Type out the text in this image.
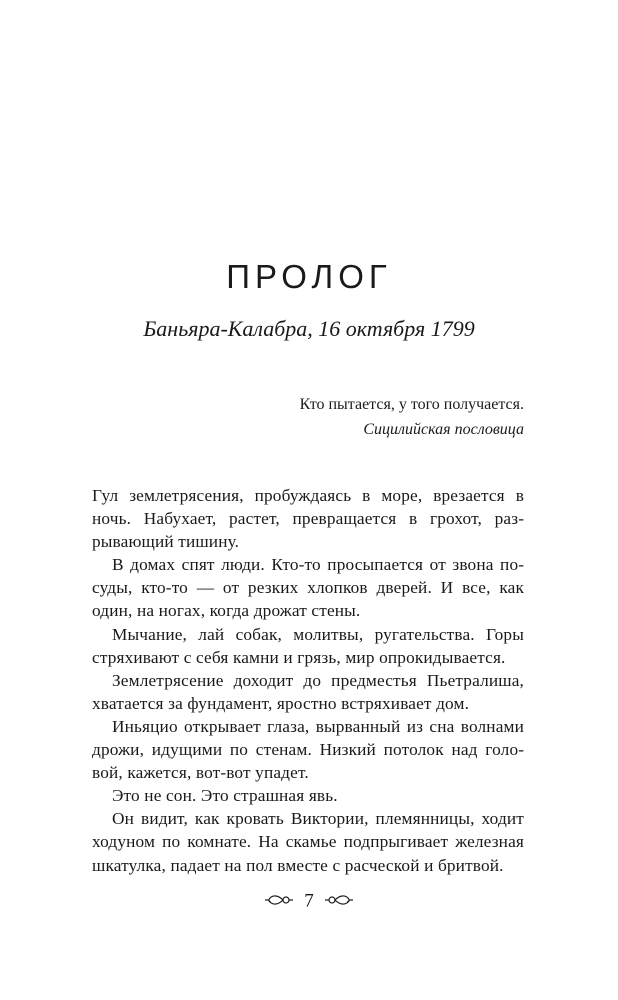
ПРОЛОГ
Баньяра-Калабра, 16 октября 1799
Кто пытается, у того получается.
Сицилийская пословица

Гул землетрясения, пробуждаясь в море, врезается в ночь. Набухает, растет, превращается в грохот, разрывающий тишину.

В домах спят люди. Кто-то просыпается от звона посуды, кто-то — от резких хлопков дверей. И все, как один, на ногах, когда дрожат стены.

Мычание, лай собак, молитвы, ругательства. Горы стряхивают с себя камни и грязь, мир опрокидывается.

Землетрясение доходит до предместья Пьетралиша, хватается за фундамент, яростно встряхивает дом.

Иньяцио открывает глаза, вырванный из сна волнами дрожи, идущими по стенам. Низкий потолок над головой, кажется, вот-вот упадет.

Это не сон. Это страшная явь.

Он видит, как кровать Виктории, племянницы, ходит ходуном по комнате. На скамье подпрыгивает железная шкатулка, падает на пол вместе с расческой и бритвой.

7
